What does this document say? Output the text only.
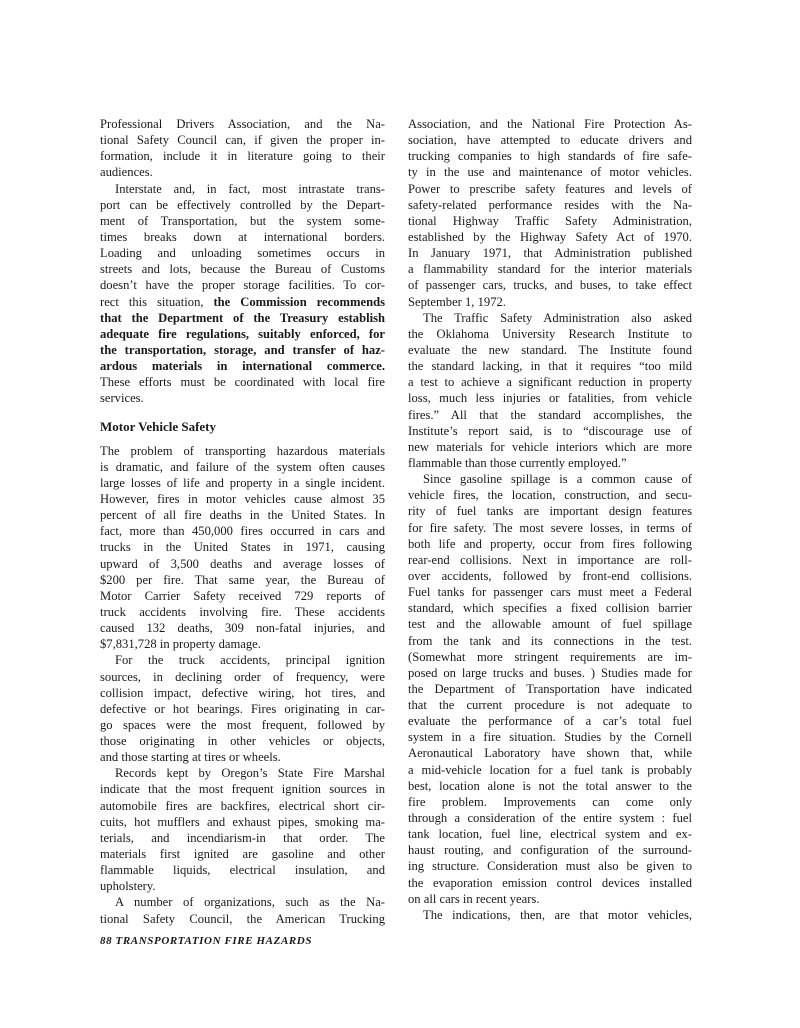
Professional Drivers Association, and the Na-
tional Safety Council can, if given the proper in-
formation, include it in literature going to their
audiences.
Interstate and, in fact, most intrastate trans-
port can be effectively controlled by the Depart-
ment of Transportation, but the system some-
times breaks down at international borders.
Loading and unloading sometimes occurs in
streets and lots, because the Bureau of Customs
doesn’t have the proper storage facilities. To cor-
rect this situation, the Commission recommends
that the Department of the Treasury establish
adequate fire regulations, suitably enforced, for
the transportation, storage, and transfer of haz-
ardous materials in international commerce.
These efforts must be coordinated with local fire
services.
Motor Vehicle Safety
The problem of transporting hazardous materials
is dramatic, and failure of the system often causes
large losses of life and property in a single incident.
However, fires in motor vehicles cause almost 35
percent of all fire deaths in the United States. In
fact, more than 450,000 fires occurred in cars and
trucks in the United States in 1971, causing
upward of 3,500 deaths and average losses of
$200 per fire. That same year, the Bureau of
Motor Carrier Safety received 729 reports of
truck accidents involving fire. These accidents
caused 132 deaths, 309 non-fatal injuries, and
$7,831,728 in property damage.
For the truck accidents, principal ignition
sources, in declining order of frequency, were
collision impact, defective wiring, hot tires, and
defective or hot bearings. Fires originating in car-
go spaces were the most frequent, followed by
those originating in other vehicles or objects,
and those starting at tires or wheels.
Records kept by Oregon’s State Fire Marshal
indicate that the most frequent ignition sources in
automobile fires are backfires, electrical short cir-
cuits, hot mufflers and exhaust pipes, smoking ma-
terials, and incendiarism-in that order. The
materials first ignited are gasoline and other
flammable liquids, electrical insulation, and
upholstery.
A number of organizations, such as the Na-
tional Safety Council, the American Trucking
Association, and the National Fire Protection As-
sociation, have attempted to educate drivers and
trucking companies to high standards of fire safe-
ty in the use and maintenance of motor vehicles.
Power to prescribe safety features and levels of
safety-related performance resides with the Na-
tional Highway Traffic Safety Administration,
established by the Highway Safety Act of 1970.
In January 1971, that Administration published
a flammability standard for the interior materials
of passenger cars, trucks, and buses, to take effect
September 1, 1972.
The Traffic Safety Administration also asked
the Oklahoma University Research Institute to
evaluate the new standard. The Institute found
the standard lacking, in that it requires “too mild
a test to achieve a significant reduction in property
loss, much less injuries or fatalities, from vehicle
fires.” All that the standard accomplishes, the
Institute’s report said, is to “discourage use of
new materials for vehicle interiors which are more
flammable than those currently employed.”
Since gasoline spillage is a common cause of
vehicle fires, the location, construction, and secu-
rity of fuel tanks are important design features
for fire safety. The most severe losses, in terms of
both life and property, occur from fires following
rear-end collisions. Next in importance are roll-
over accidents, followed by front-end collisions.
Fuel tanks for passenger cars must meet a Federal
standard, which specifies a fixed collision barrier
test and the allowable amount of fuel spillage
from the tank and its connections in the test.
(Somewhat more stringent requirements are im-
posed on large trucks and buses. ) Studies made for
the Department of Transportation have indicated
that the current procedure is not adequate to
evaluate the performance of a car’s total fuel
system in a fire situation. Studies by the Cornell
Aeronautical Laboratory have shown that, while
a mid-vehicle location for a fuel tank is probably
best, location alone is not the total answer to the
fire problem. Improvements can come only
through a consideration of the entire system : fuel
tank location, fuel line, electrical system and ex-
haust routing, and configuration of the surround-
ing structure. Consideration must also be given to
the evaporation emission control devices installed
on all cars in recent years.
The indications, then, are that motor vehicles,
88 TRANSPORTATION FIRE HAZARDS
